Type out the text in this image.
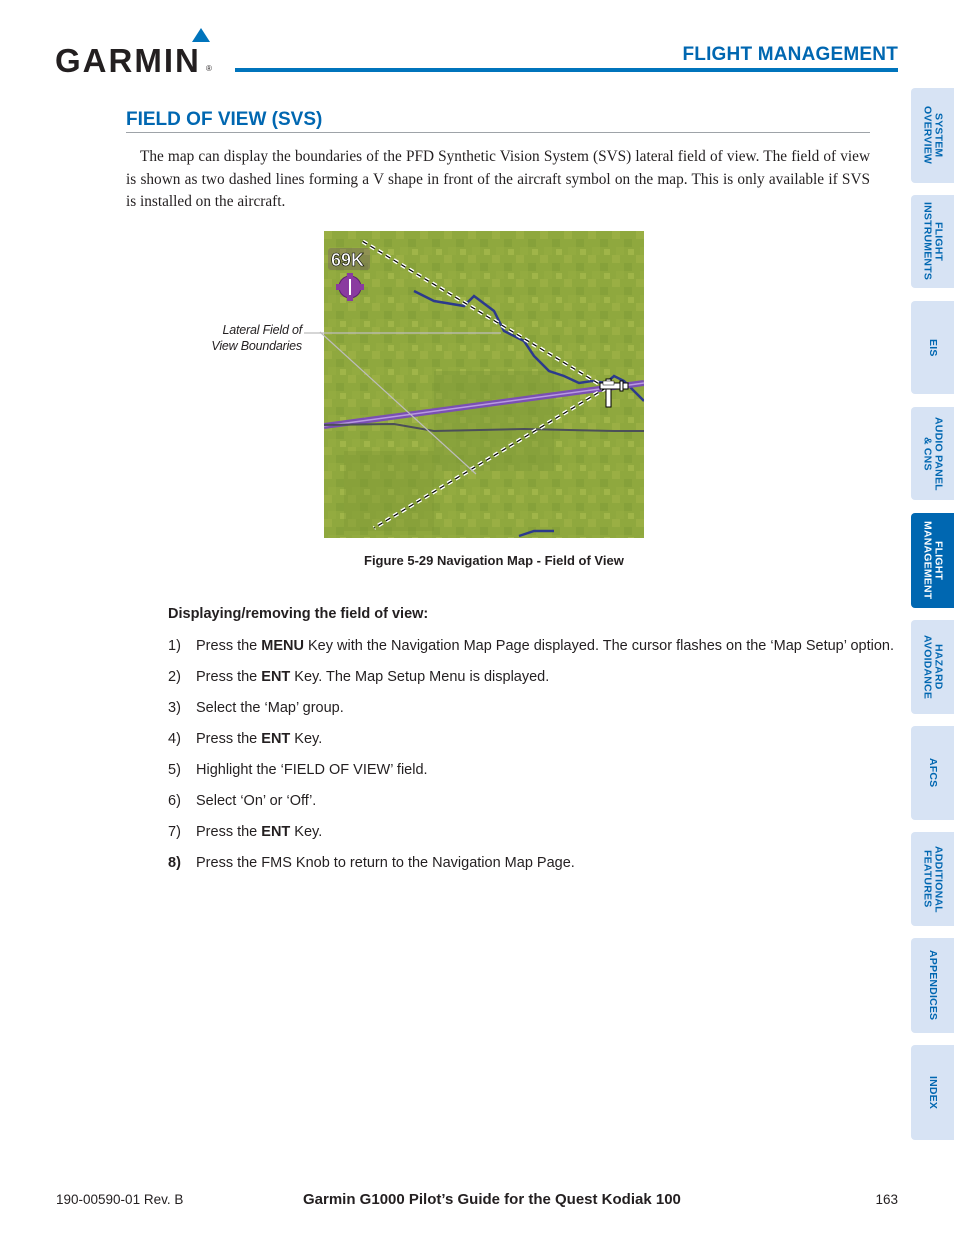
GARMIN ®
FLIGHT MANAGEMENT
SYSTEM
OVERVIEW
FLIGHT
INSTRUMENTS
EIS
AUDIO PANEL
& CNS
FLIGHT
MANAGEMENT
HAZARD
AVOIDANCE
AFCS
ADDITIONAL
FEATURES
APPENDICES
INDEX
FIELD OF VIEW (SVS)

The map can display the boundaries of the PFD Synthetic Vision System (SVS) lateral field of view. The field of view is shown as two dashed lines forming a V shape in front of the aircraft symbol on the map. This is only available if SVS is installed on the aircraft.

69K
Lateral Field of View Boundaries
Figure 5-29 Navigation Map - Field of View
Displaying/removing the field of view:
1) Press the MENU Key with the Navigation Map Page displayed. The cursor flashes on the ‘Map Setup’ option.
2) Press the ENT Key. The Map Setup Menu is displayed.
3) Select the ‘Map’ group.
4) Press the ENT Key.
5) Highlight the ‘FIELD OF VIEW’ field.
6) Select ‘On’ or ‘Off’.
7) Press the ENT Key.
8) Press the FMS Knob to return to the Navigation Map Page.
190-00590-01 Rev. B	Garmin G1000 Pilot’s Guide for the Quest Kodiak 100	163
